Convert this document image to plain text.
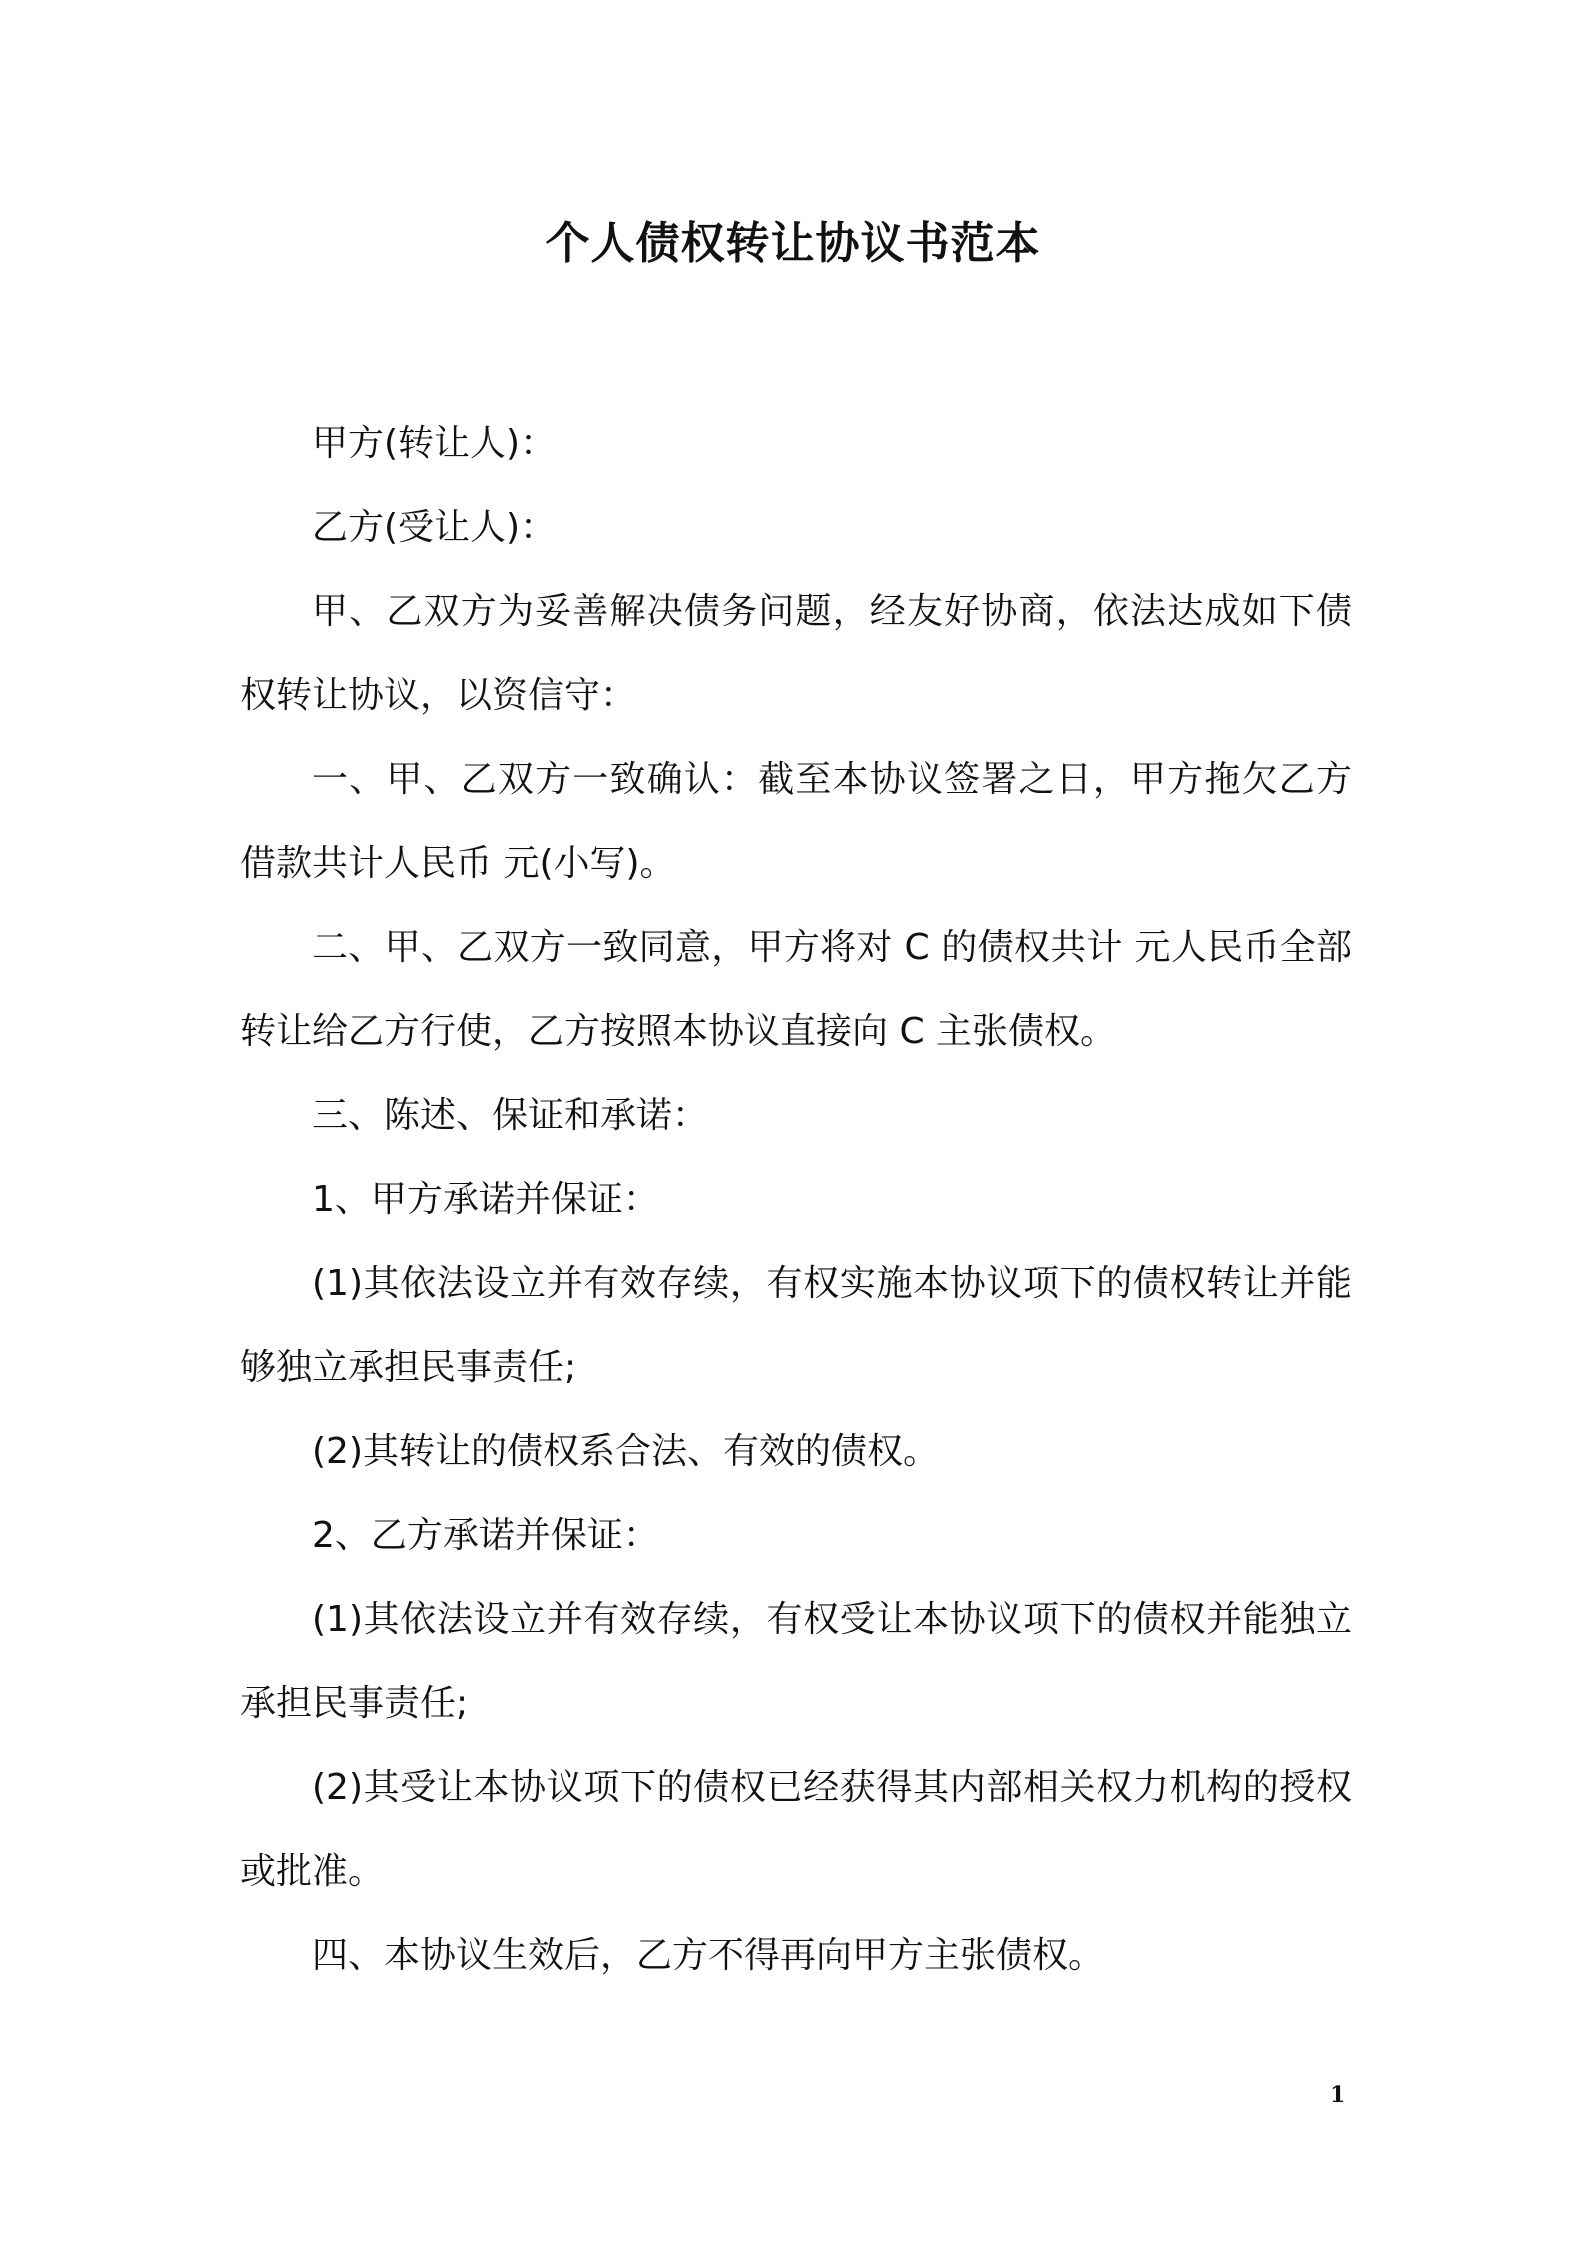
个人债权转让协议书范本

甲方(转让人)：

乙方(受让人)：

甲、乙双方为妥善解决债务问题，经友好协商，依法达成如下债权转让协议，以资信守：

一、甲、乙双方一致确认：截至本协议签署之日，甲方拖欠乙方借款共计人民币 元(小写)。

二、甲、乙双方一致同意，甲方将对 C 的债权共计 元人民币全部转让给乙方行使，乙方按照本协议直接向 C 主张债权。

三、陈述、保证和承诺：

1、甲方承诺并保证：

(1)其依法设立并有效存续，有权实施本协议项下的债权转让并能够独立承担民事责任;

(2)其转让的债权系合法、有效的债权。

2、乙方承诺并保证：

(1)其依法设立并有效存续，有权受让本协议项下的债权并能独立承担民事责任;

(2)其受让本协议项下的债权已经获得其内部相关权力机构的授权或批准。

四、本协议生效后，乙方不得再向甲方主张债权。

1
